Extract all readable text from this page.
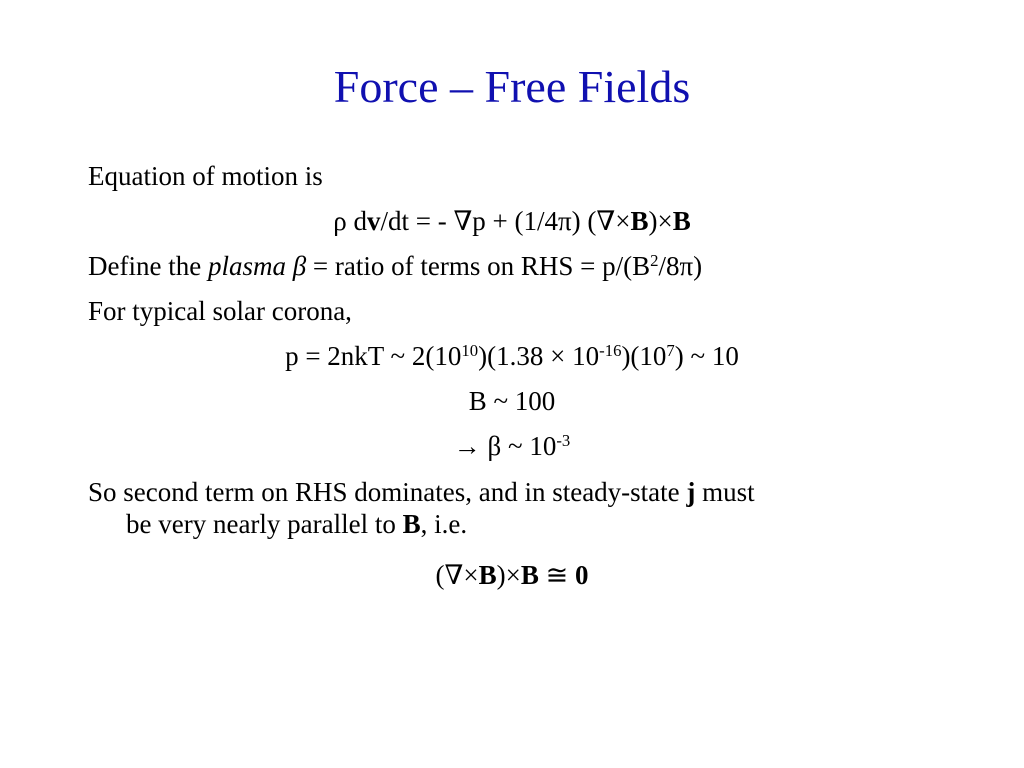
Force – Free Fields
Equation of motion is
ρ dv/dt = - ∇p + (1/4π) (∇×B)×B
Define the plasma β = ratio of terms on RHS = $p/(B^2/8\pi)$
For typical solar corona,
p = 2nkT ~ $2(10^{10})(1.38 \times 10^{-16})(10^7)$ ~ 10
B ~ 100
→ β ~ $10^{-3}$
So second term on RHS dominates, and in steady-state j must
be very nearly parallel to B, i.e.
(∇×B)×B ≅ 0
